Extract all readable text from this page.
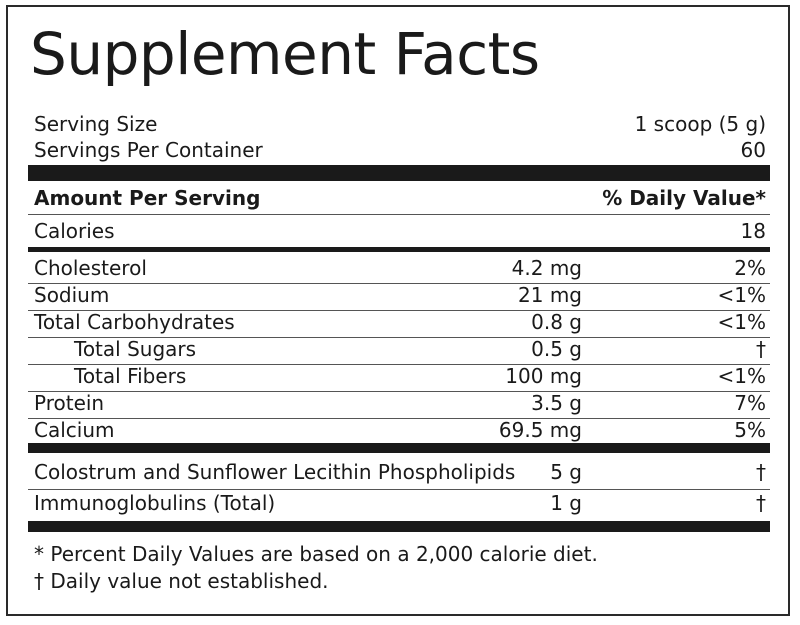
Supplement Facts
Serving Size	1 scoop (5 g)
Servings Per Container	60
Amount Per Serving	% Daily Value*
Calories	18
Cholesterol	4.2 mg	2%
Sodium	21 mg	<1%
Total Carbohydrates	0.8 g	<1%
Total Sugars	0.5 g	†
Total Fibers	100 mg	<1%
Protein	3.5 g	7%
Calcium	69.5 mg	5%
Colostrum and Sunflower Lecithin Phospholipids 5 g	†
Immunoglobulins (Total)	1 g	†
* Percent Daily Values are based on a 2,000 calorie diet.
† Daily value not established.
